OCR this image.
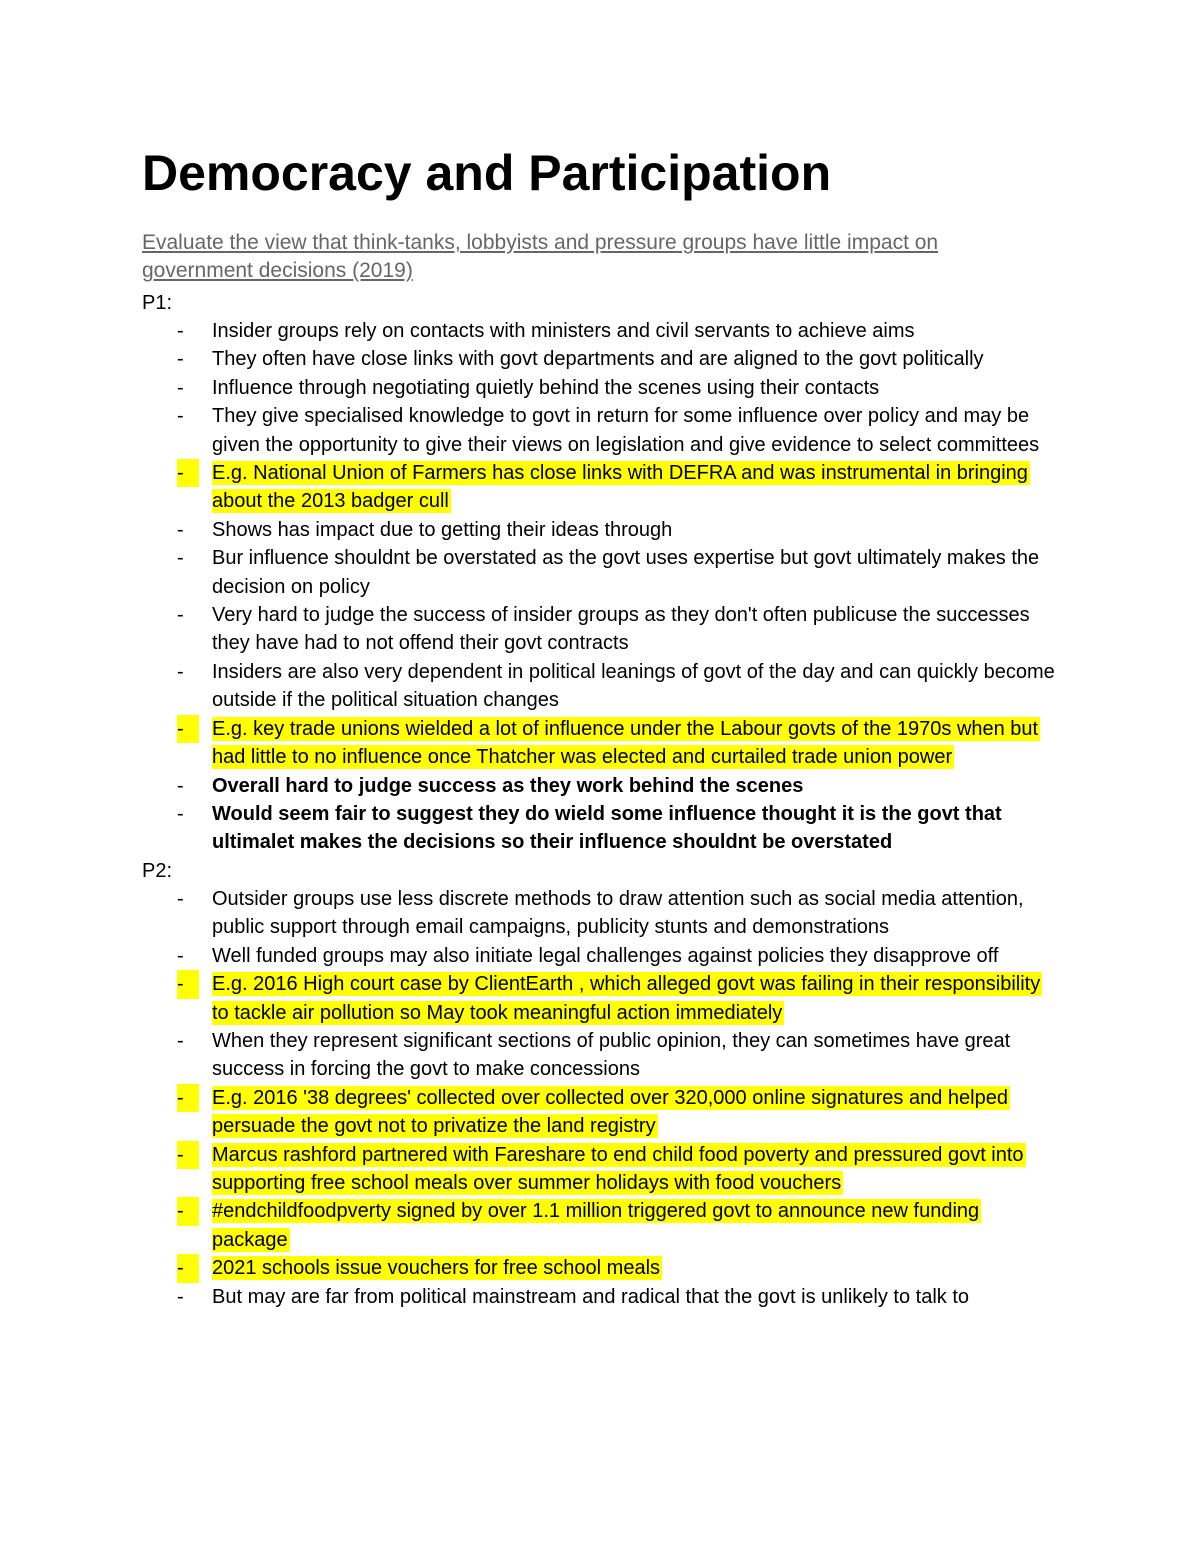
Democracy and Participation

Evaluate the view that think-tanks, lobbyists and pressure groups have little impact on government decisions (2019)

P1:

-	Insider groups rely on contacts with ministers and civil servants to achieve aims
-	They often have close links with govt departments and are aligned to the govt politically
-	Influence through negotiating quietly behind the scenes using their contacts
-	They give specialised knowledge to govt in return for some influence over policy and may be given the opportunity to give their views on legislation and give evidence to select committees
-	E.g. National Union of Farmers has close links with DEFRA and was instrumental in bringing about the 2013 badger cull
-	Shows has impact due to getting their ideas through
-	Bur influence shouldnt be overstated as the govt uses expertise but govt ultimately makes the decision on policy
-	Very hard to judge the success of insider groups as they don't often publicuse the successes they have had to not offend their govt contracts
-	Insiders are also very dependent in political leanings of govt of the day and can quickly become outside if the political situation changes
-	E.g. key trade unions wielded a lot of influence under the Labour govts of the 1970s when but had little to no influence once Thatcher was elected and curtailed trade union power
-	Overall hard to judge success as they work behind the scenes
-	Would seem fair to suggest they do wield some influence thought it is the govt that ultimalet makes the decisions so their influence shouldnt be overstated

P2:

-	Outsider groups use less discrete methods to draw attention such as social media attention, public support through email campaigns, publicity stunts and demonstrations
-	Well funded groups may also initiate legal challenges against policies they disapprove off
-	E.g. 2016 High court case by ClientEarth , which alleged govt was failing in their responsibility to tackle air pollution so May took meaningful action immediately
-	When they represent significant sections of public opinion, they can sometimes have great success in forcing the govt to make concessions
-	E.g. 2016 '38 degrees' collected over collected over 320,000 online signatures and helped persuade the govt not to privatize the land registry
-	Marcus rashford partnered with Fareshare to end child food poverty and pressured govt into supporting free school meals over summer holidays with food vouchers
-	#endchildfoodpverty signed by over 1.1 million triggered govt to announce new funding package
-	2021 schools issue vouchers for free school meals
-	But may are far from political mainstream and radical that the govt is unlikely to talk to
